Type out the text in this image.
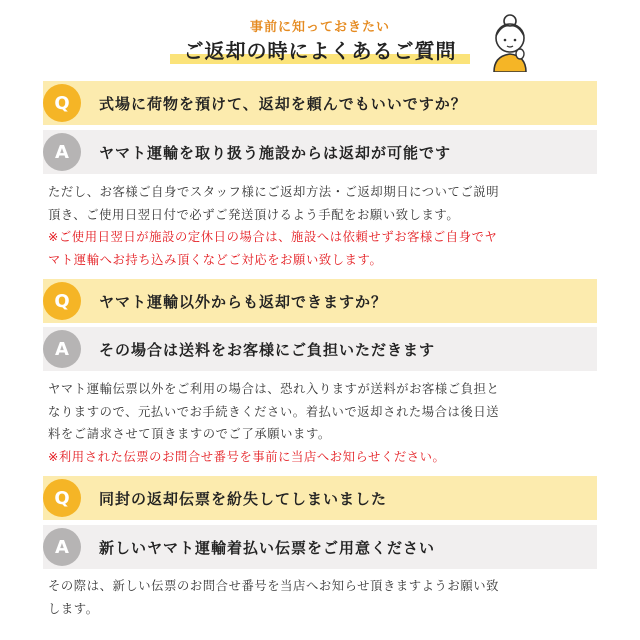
事前に知っておきたい
ご返却の時によくあるご質問
Q	式場に荷物を預けて、返却を頼んでもいいですか？
A	ヤマト運輸を取り扱う施設からは返却が可能です
ただし、お客様ご自身でスタッフ様にご返却方法・ご返却期日についてご説明
頂き、ご使用日翌日付で必ずご発送頂けるよう手配をお願い致します。
※ご使用日翌日が施設の定休日の場合は、施設へは依頼せずお客様ご自身でヤ
マト運輸へお持ち込み頂くなどご対応をお願い致します。
Q	ヤマト運輸以外からも返却できますか？
A	その場合は送料をお客様にご負担いただきます
ヤマト運輸伝票以外をご利用の場合は、恐れ入りますが送料がお客様ご負担と
なりますので、元払いでお手続きください。着払いで返却された場合は後日送
料をご請求させて頂きますのでご了承願います。
※利用された伝票のお問合せ番号を事前に当店へお知らせください。
Q	同封の返却伝票を紛失してしまいました
A	新しいヤマト運輸着払い伝票をご用意ください
その際は、新しい伝票のお問合せ番号を当店へお知らせ頂きますようお願い致
します。
